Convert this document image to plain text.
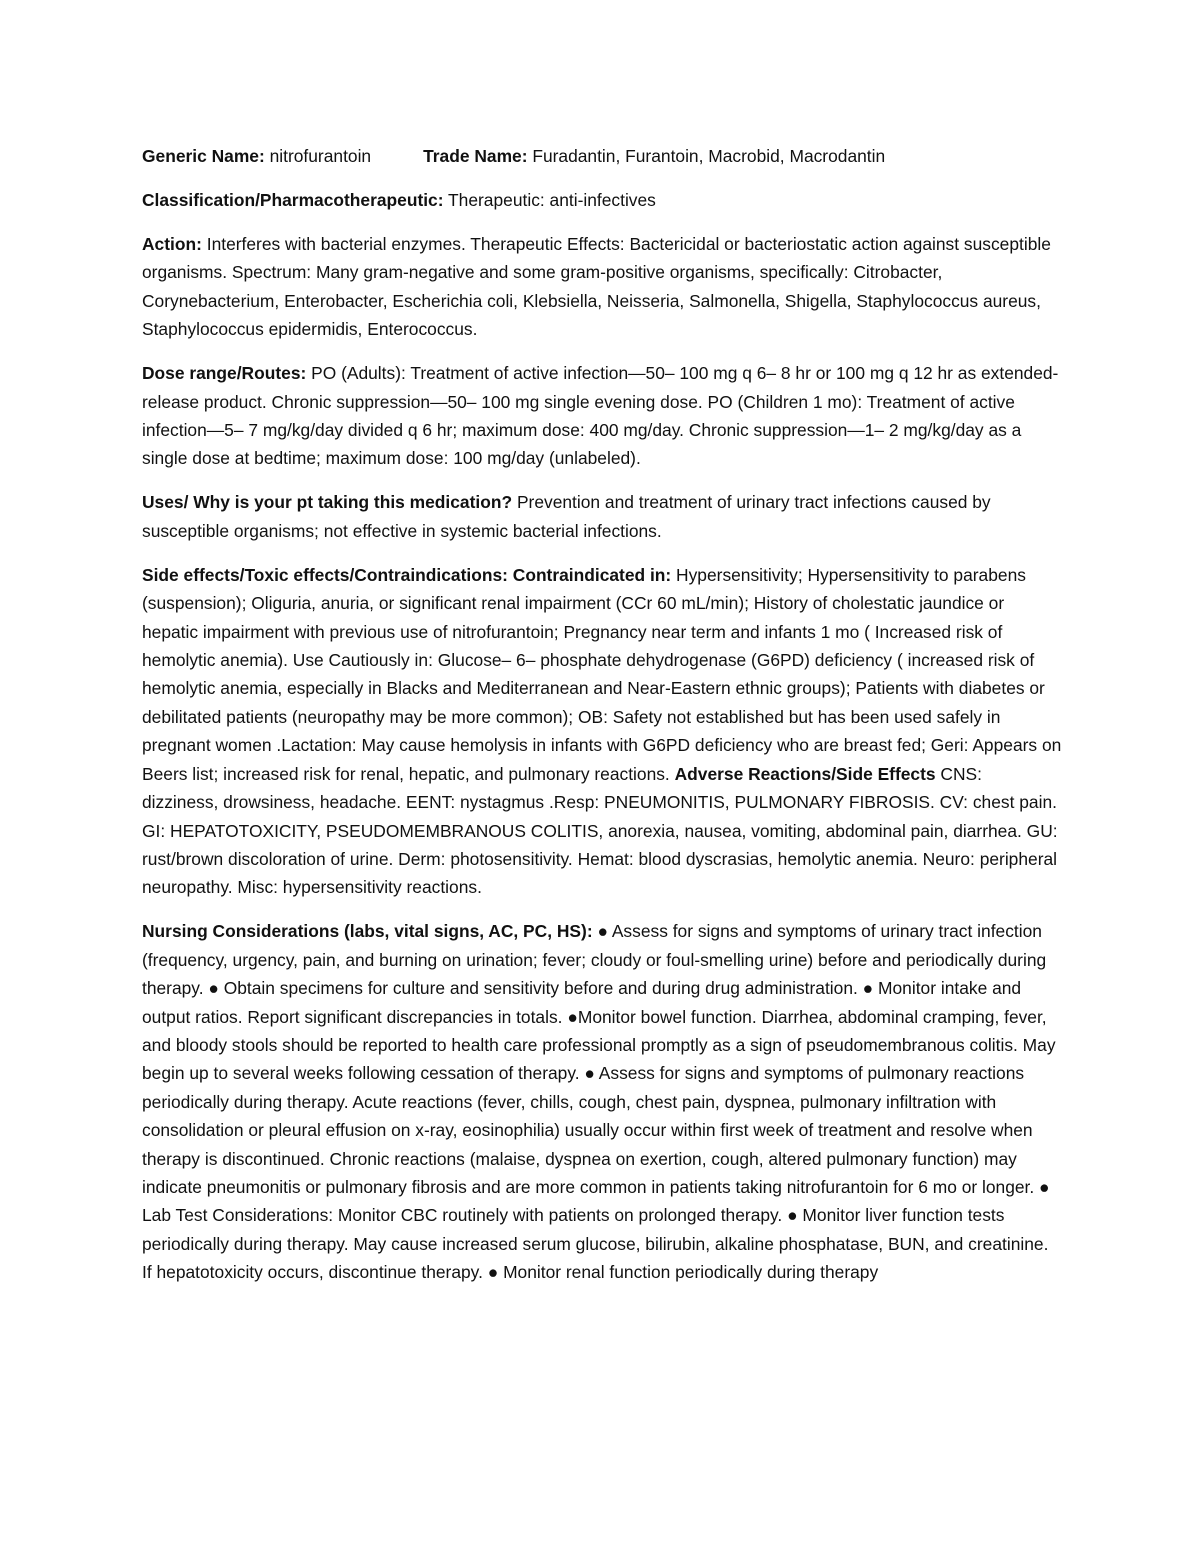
Generic Name: nitrofurantoin	Trade Name: Furadantin, Furantoin, Macrobid, Macrodantin

Classification/Pharmacotherapeutic: Therapeutic: anti-infectives

Action: Interferes with bacterial enzymes. Therapeutic Effects: Bactericidal or bacteriostatic action against susceptible organisms. Spectrum: Many gram-negative and some gram-positive organisms, specifically: Citrobacter, Corynebacterium, Enterobacter, Escherichia coli, Klebsiella, Neisseria, Salmonella, Shigella, Staphylococcus aureus, Staphylococcus epidermidis, Enterococcus.

Dose range/Routes: PO (Adults): Treatment of active infection—50– 100 mg q 6– 8 hr or 100 mg q 12 hr as extended-release product. Chronic suppression—50– 100 mg single evening dose. PO (Children 1 mo): Treatment of active infection—5– 7 mg/kg/day divided q 6 hr; maximum dose: 400 mg/day. Chronic suppression—1– 2 mg/kg/day as a single dose at bedtime; maximum dose: 100 mg/day (unlabeled).

Uses/ Why is your pt taking this medication? Prevention and treatment of urinary tract infections caused by susceptible organisms; not effective in systemic bacterial infections.

Side effects/Toxic effects/Contraindications: Contraindicated in: Hypersensitivity; Hypersensitivity to parabens (suspension); Oliguria, anuria, or significant renal impairment (CCr 60 mL/min); History of cholestatic jaundice or hepatic impairment with previous use of nitrofurantoin; Pregnancy near term and infants 1 mo ( Increased risk of hemolytic anemia). Use Cautiously in: Glucose– 6– phosphate dehydrogenase (G6PD) deficiency ( increased risk of hemolytic anemia, especially in Blacks and Mediterranean and Near-Eastern ethnic groups); Patients with diabetes or debilitated patients (neuropathy may be more common); OB: Safety not established but has been used safely in pregnant women .Lactation: May cause hemolysis in infants with G6PD deficiency who are breast fed; Geri: Appears on Beers list; increased risk for renal, hepatic, and pulmonary reactions. Adverse Reactions/Side Effects CNS: dizziness, drowsiness, headache. EENT: nystagmus .Resp: PNEUMONITIS, PULMONARY FIBROSIS. CV: chest pain. GI: HEPATOTOXICITY, PSEUDOMEMBRANOUS COLITIS, anorexia, nausea, vomiting, abdominal pain, diarrhea. GU: rust/brown discoloration of urine. Derm: photosensitivity. Hemat: blood dyscrasias, hemolytic anemia. Neuro: peripheral neuropathy. Misc: hypersensitivity reactions.

Nursing Considerations (labs, vital signs, AC, PC, HS): ● Assess for signs and symptoms of urinary tract infection (frequency, urgency, pain, and burning on urination; fever; cloudy or foul-smelling urine) before and periodically during therapy. ● Obtain specimens for culture and sensitivity before and during drug administration. ● Monitor intake and output ratios. Report significant discrepancies in totals. ●Monitor bowel function. Diarrhea, abdominal cramping, fever, and bloody stools should be reported to health care professional promptly as a sign of pseudomembranous colitis. May begin up to several weeks following cessation of therapy. ● Assess for signs and symptoms of pulmonary reactions periodically during therapy. Acute reactions (fever, chills, cough, chest pain, dyspnea, pulmonary infiltration with consolidation or pleural effusion on x-ray, eosinophilia) usually occur within first week of treatment and resolve when therapy is discontinued. Chronic reactions (malaise, dyspnea on exertion, cough, altered pulmonary function) may indicate pneumonitis or pulmonary fibrosis and are more common in patients taking nitrofurantoin for 6 mo or longer. ● Lab Test Considerations: Monitor CBC routinely with patients on prolonged therapy. ● Monitor liver function tests periodically during therapy. May cause increased serum glucose, bilirubin, alkaline phosphatase, BUN, and creatinine. If hepatotoxicity occurs, discontinue therapy. ● Monitor renal function periodically during therapy
